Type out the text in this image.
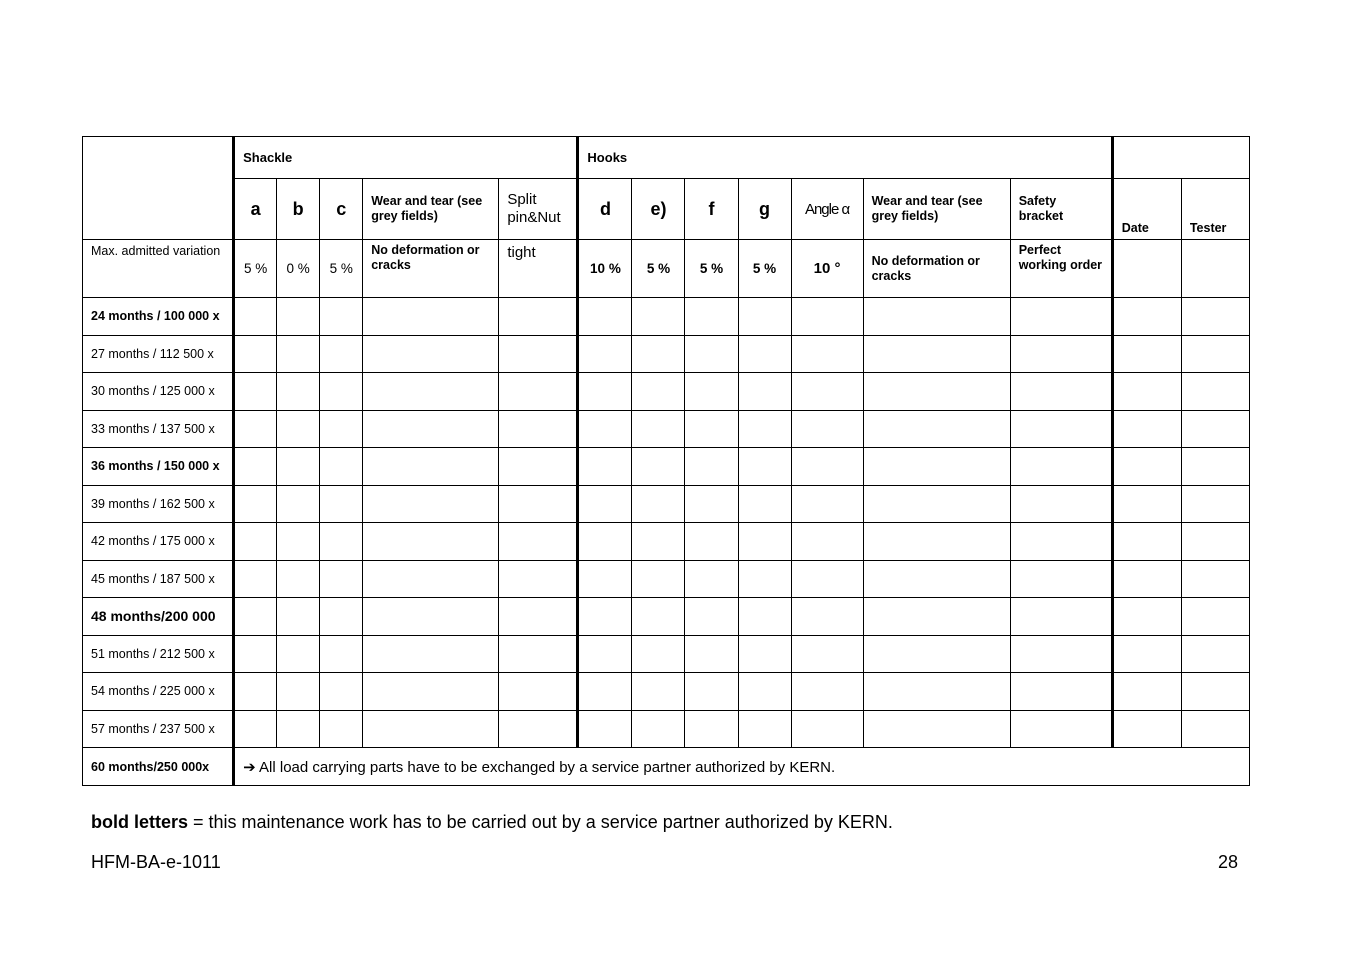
	Shackle					Hooks								
	a	b	c	Wear and tear (see grey fields)	Split pin&Nut	d	e)	f	g	Angle α	Wear and tear (see grey fields)	Safety bracket	Date	Tester
Max. admitted variation	5 %	0 %	5 %	No deformation or cracks	tight	10 %	5 %	5 %	5 %	10 °	No deformation or cracks	Perfect working order		
24 months / 100 000 x														
27 months / 112 500 x														
30 months / 125 000 x														
33 months / 137 500 x														
36 months / 150 000 x														
39 months / 162 500 x														
42 months / 175 000 x														
45 months / 187 500 x														
48 months/200 000														
51 months / 212 500 x														
54 months / 225 000 x														
57 months / 237 500 x														
60 months/250 000x	➔ All load carrying parts have to be exchanged by a service partner authorized by KERN.													
bold letters = this maintenance work has to be carried out by a service partner authorized by KERN.
HFM-BA-e-1011	28
